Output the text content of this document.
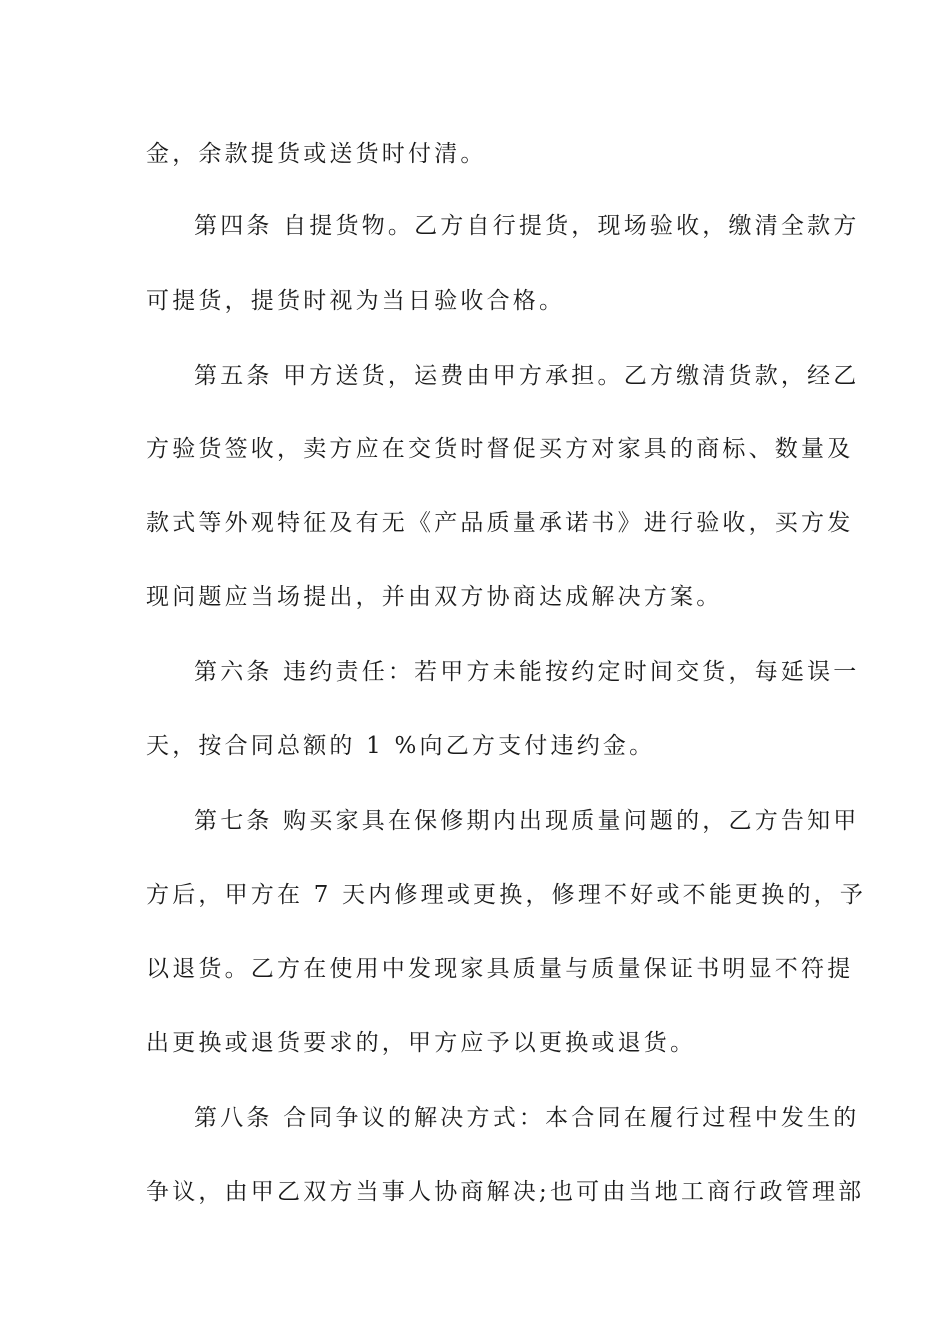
金，余款提货或送货时付清。
第四条 自提货物。乙方自行提货，现场验收，缴清全款方
可提货，提货时视为当日验收合格。
第五条 甲方送货，运费由甲方承担。乙方缴清货款，经乙
方验货签收，卖方应在交货时督促买方对家具的商标、数量及
款式等外观特征及有无《产品质量承诺书》进行验收，买方发
现问题应当场提出，并由双方协商达成解决方案。
第六条 违约责任：若甲方未能按约定时间交货，每延误一
天，按合同总额的 1 %向乙方支付违约金。
第七条 购买家具在保修期内出现质量问题的，乙方告知甲
方后，甲方在 7 天内修理或更换，修理不好或不能更换的，予
以退货。乙方在使用中发现家具质量与质量保证书明显不符提
出更换或退货要求的，甲方应予以更换或退货。
第八条 合同争议的解决方式：本合同在履行过程中发生的
争议，由甲乙双方当事人协商解决;也可由当地工商行政管理部
